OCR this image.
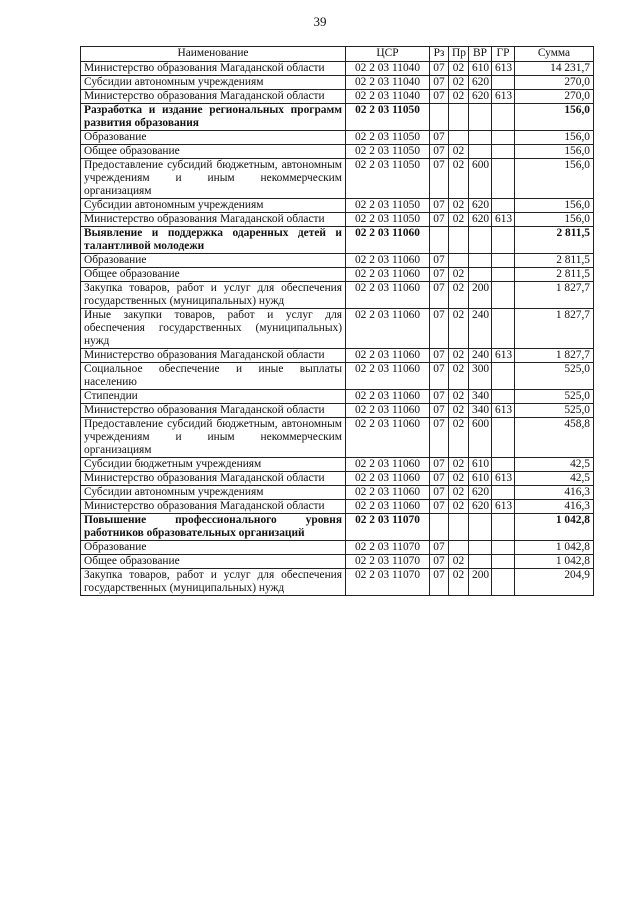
39
Наименование	ЦСР	Рз	Пр	ВР	ГР	Сумма
Министерство образования Магаданской области	02 2 03 11040	07	02	610	613	14 231,7
Субсидии автономным учреждениям	02 2 03 11040	07	02	620		270,0
Министерство образования Магаданской области	02 2 03 11040	07	02	620	613	270,0
Разработка и издание региональных программ развития образования	02 2 03 11050					156,0
Образование	02 2 03 11050	07				156,0
Общее образование	02 2 03 11050	07	02			156,0
Предоставление субсидий бюджетным, автономным учреждениям и иным некоммерческим организациям	02 2 03 11050	07	02	600		156,0
Субсидии автономным учреждениям	02 2 03 11050	07	02	620		156,0
Министерство образования Магаданской области	02 2 03 11050	07	02	620	613	156,0
Выявление и поддержка одаренных детей и талантливой молодежи	02 2 03 11060					2 811,5
Образование	02 2 03 11060	07				2 811,5
Общее образование	02 2 03 11060	07	02			2 811,5
Закупка товаров, работ и услуг для обеспечения государственных (муниципальных) нужд	02 2 03 11060	07	02	200		1 827,7
Иные закупки товаров, работ и услуг для обеспечения государственных (муниципальных) нужд	02 2 03 11060	07	02	240		1 827,7
Министерство образования Магаданской области	02 2 03 11060	07	02	240	613	1 827,7
Социальное обеспечение и иные выплаты населению	02 2 03 11060	07	02	300		525,0
Стипендии	02 2 03 11060	07	02	340		525,0
Министерство образования Магаданской области	02 2 03 11060	07	02	340	613	525,0
Предоставление субсидий бюджетным, автономным учреждениям и иным некоммерческим организациям	02 2 03 11060	07	02	600		458,8
Субсидии бюджетным учреждениям	02 2 03 11060	07	02	610		42,5
Министерство образования Магаданской области	02 2 03 11060	07	02	610	613	42,5
Субсидии автономным учреждениям	02 2 03 11060	07	02	620		416,3
Министерство образования Магаданской области	02 2 03 11060	07	02	620	613	416,3
Повышение профессионального уровня работников образовательных организаций	02 2 03 11070					1 042,8
Образование	02 2 03 11070	07				1 042,8
Общее образование	02 2 03 11070	07	02			1 042,8
Закупка товаров, работ и услуг для обеспечения государственных (муниципальных) нужд	02 2 03 11070	07	02	200		204,9
